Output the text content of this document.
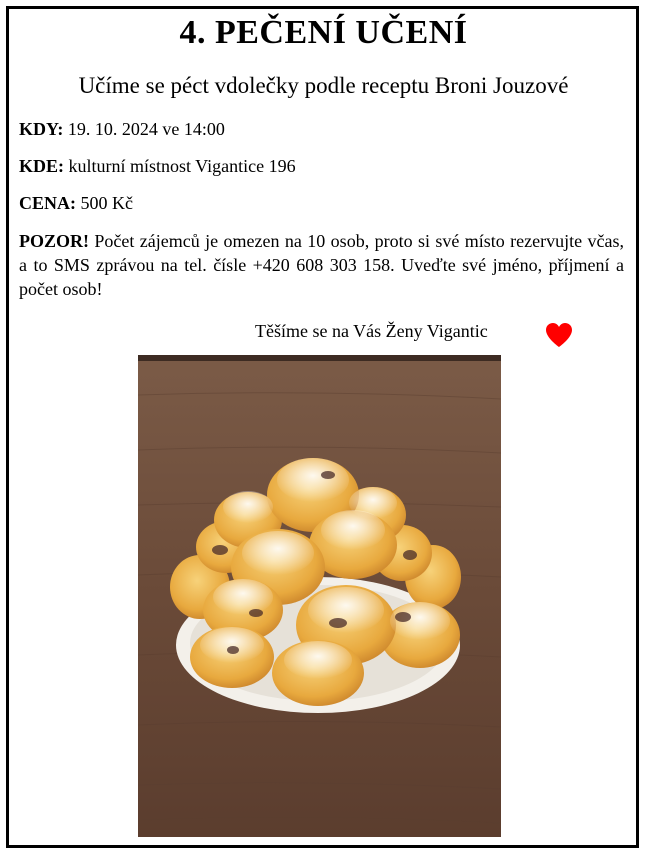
4. PEČENÍ UČENÍ
Učíme se péct vdolečky podle receptu Broni Jouzové
KDY: 19. 10. 2024 ve 14:00
KDE: kulturní místnost Vigantice 196
CENA: 500 Kč
POZOR! Počet zájemců je omezen na 10 osob, proto si své místo rezervujte včas, a to SMS zprávou na tel. čísle +420 608 303 158. Uveďte své jméno, příjmení a počet osob!
Těšíme se na Vás Ženy Vigantic
